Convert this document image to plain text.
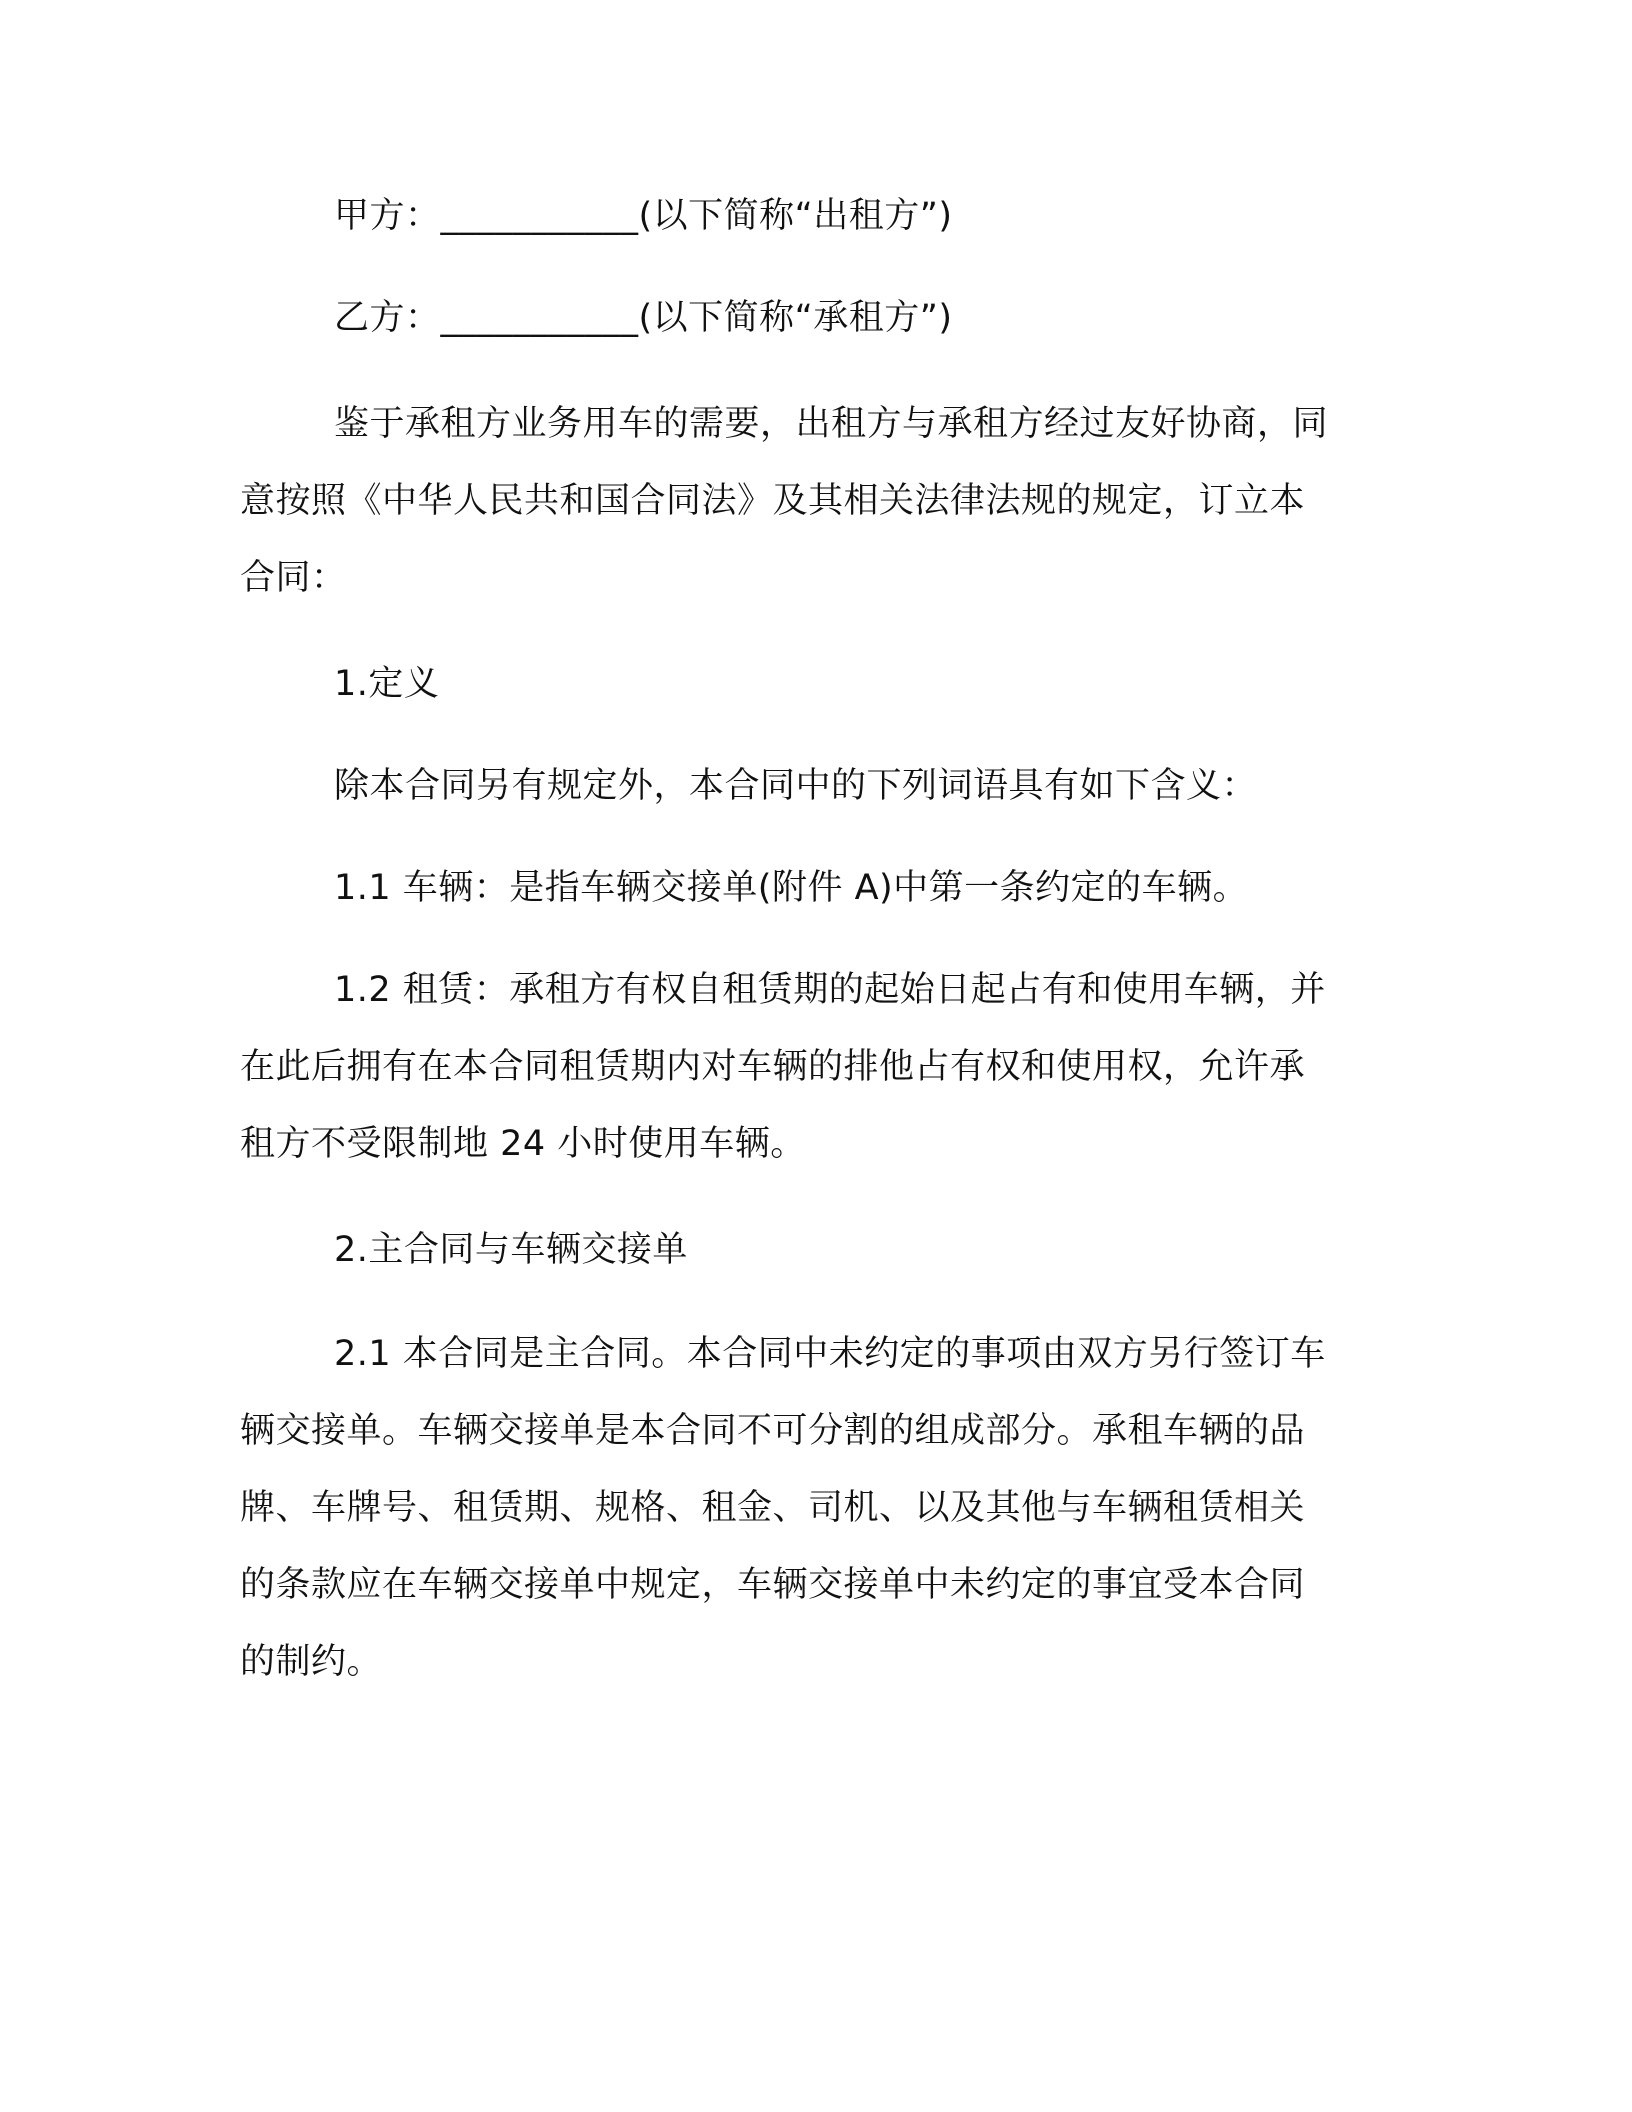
甲方：___________(以下简称“出租方”)

乙方：___________(以下简称“承租方”)

鉴于承租方业务用车的需要，出租方与承租方经过友好协商，同
意按照《中华人民共和国合同法》及其相关法律法规的规定，订立本
合同：

1.定义

除本合同另有规定外，本合同中的下列词语具有如下含义：

1.1 车辆：是指车辆交接单(附件 A)中第一条约定的车辆。

1.2 租赁：承租方有权自租赁期的起始日起占有和使用车辆，并
在此后拥有在本合同租赁期内对车辆的排他占有权和使用权，允许承
租方不受限制地 24 小时使用车辆。

2.主合同与车辆交接单

2.1 本合同是主合同。本合同中未约定的事项由双方另行签订车
辆交接单。车辆交接单是本合同不可分割的组成部分。承租车辆的品
牌、车牌号、租赁期、规格、租金、司机、以及其他与车辆租赁相关
的条款应在车辆交接单中规定，车辆交接单中未约定的事宜受本合同
的制约。
